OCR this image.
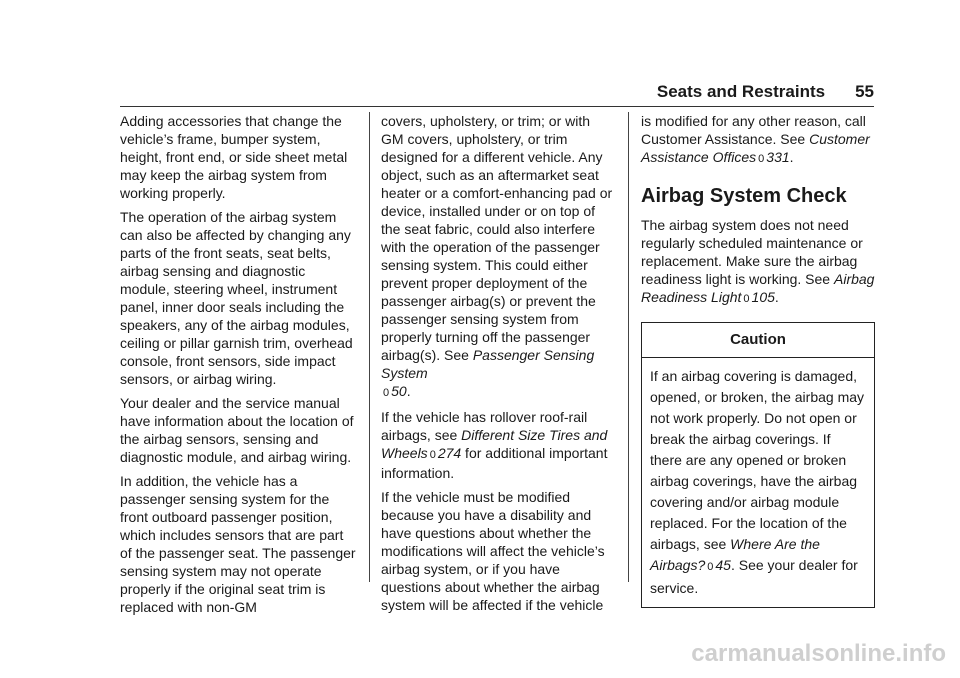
Seats and Restraints 55

Adding accessories that change the vehicle’s frame, bumper system, height, front end, or side sheet metal may keep the airbag system from working properly.

The operation of the airbag system can also be affected by changing any parts of the front seats, seat belts, airbag sensing and diagnostic module, steering wheel, instrument panel, inner door seals including the speakers, any of the airbag modules, ceiling or pillar garnish trim, overhead console, front sensors, side impact sensors, or airbag wiring.

Your dealer and the service manual have information about the location of the airbag sensors, sensing and diagnostic module, and airbag wiring.

In addition, the vehicle has a passenger sensing system for the front outboard passenger position, which includes sensors that are part of the passenger seat. The passenger sensing system may not operate properly if the original seat trim is replaced with non-GM

covers, upholstery, or trim; or with GM covers, upholstery, or trim designed for a different vehicle. Any object, such as an aftermarket seat heater or a comfort-enhancing pad or device, installed under or on top of the seat fabric, could also interfere with the operation of the passenger sensing system. This could either prevent proper deployment of the passenger airbag(s) or prevent the passenger sensing system from properly turning off the passenger airbag(s). See Passenger Sensing System
0 50.

If the vehicle has rollover roof-rail airbags, see Different Size Tires and Wheels 0 274 for additional important information.

If the vehicle must be modified because you have a disability and have questions about whether the modifications will affect the vehicle’s airbag system, or if you have questions about whether the airbag system will be affected if the vehicle

is modified for any other reason, call Customer Assistance. See Customer Assistance Offices 0 331.

Airbag System Check

The airbag system does not need regularly scheduled maintenance or replacement. Make sure the airbag readiness light is working. See Airbag Readiness Light 0 105.

Caution
If an airbag covering is damaged, opened, or broken, the airbag may not work properly. Do not open or break the airbag coverings. If there are any opened or broken airbag coverings, have the airbag covering and/or airbag module replaced. For the location of the airbags, see Where Are the Airbags? 0 45. See your dealer for service.
carmanualsonline.info
